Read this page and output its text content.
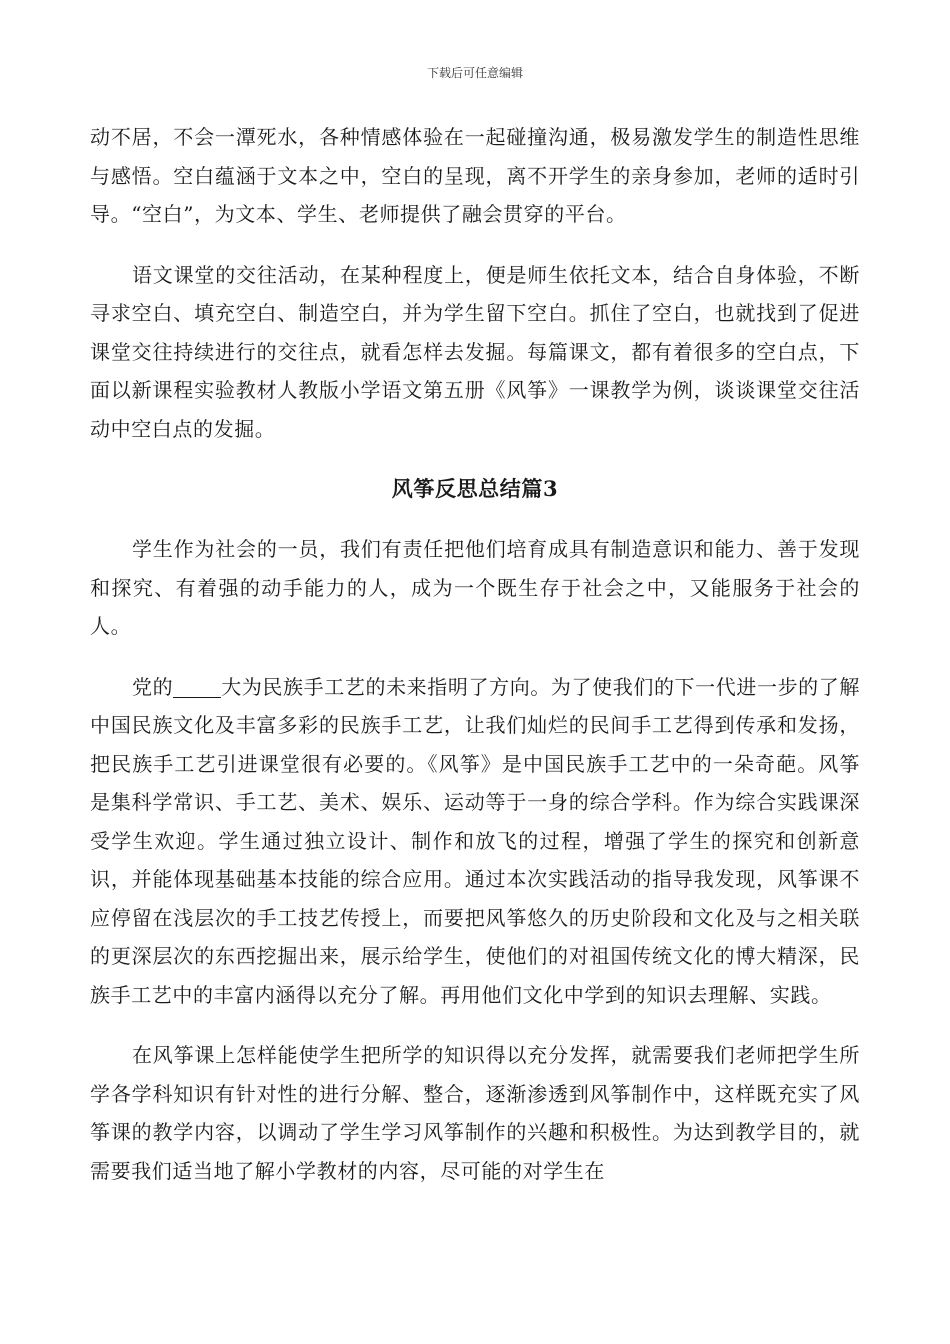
下载后可任意编辑

动不居，不会一潭死水，各种情感体验在一起碰撞沟通，极易激发学生的制造性思维与感悟。空白蕴涵于文本之中，空白的呈现，离不开学生的亲身参加，老师的适时引导。“空白”，为文本、学生、老师提供了融会贯穿的平台。

语文课堂的交往活动，在某种程度上，便是师生依托文本，结合自身体验，不断寻求空白、填充空白、制造空白，并为学生留下空白。抓住了空白，也就找到了促进课堂交往持续进行的交往点，就看怎样去发掘。每篇课文，都有着很多的空白点，下面以新课程实验教材人教版小学语文第五册《风筝》一课教学为例，谈谈课堂交往活动中空白点的发掘。

风筝反思总结篇3

学生作为社会的一员，我们有责任把他们培育成具有制造意识和能力、善于发现和探究、有着强的动手能力的人，成为一个既生存于社会之中，又能服务于社会的人。

党的 大为民族手工艺的未来指明了方向。为了使我们的下一代进一步的了解中国民族文化及丰富多彩的民族手工艺，让我们灿烂的民间手工艺得到传承和发扬，把民族手工艺引进课堂很有必要的。《风筝》是中国民族手工艺中的一朵奇葩。风筝是集科学常识、手工艺、美术、娱乐、运动等于一身的综合学科。作为综合实践课深受学生欢迎。学生通过独立设计、制作和放飞的过程，增强了学生的探究和创新意识，并能体现基础基本技能的综合应用。通过本次实践活动的指导我发现，风筝课不应停留在浅层次的手工技艺传授上，而要把风筝悠久的历史阶段和文化及与之相关联的更深层次的东西挖掘出来，展示给学生，使他们的对祖国传统文化的博大精深，民族手工艺中的丰富内涵得以充分了解。再用他们文化中学到的知识去理解、实践。

在风筝课上怎样能使学生把所学的知识得以充分发挥，就需要我们老师把学生所学各学科知识有针对性的进行分解、整合，逐渐渗透到风筝制作中，这样既充实了风筝课的教学内容，以调动了学生学习风筝制作的兴趣和积极性。为达到教学目的，就需要我们适当地了解小学教材的内容，尽可能的对学生在
